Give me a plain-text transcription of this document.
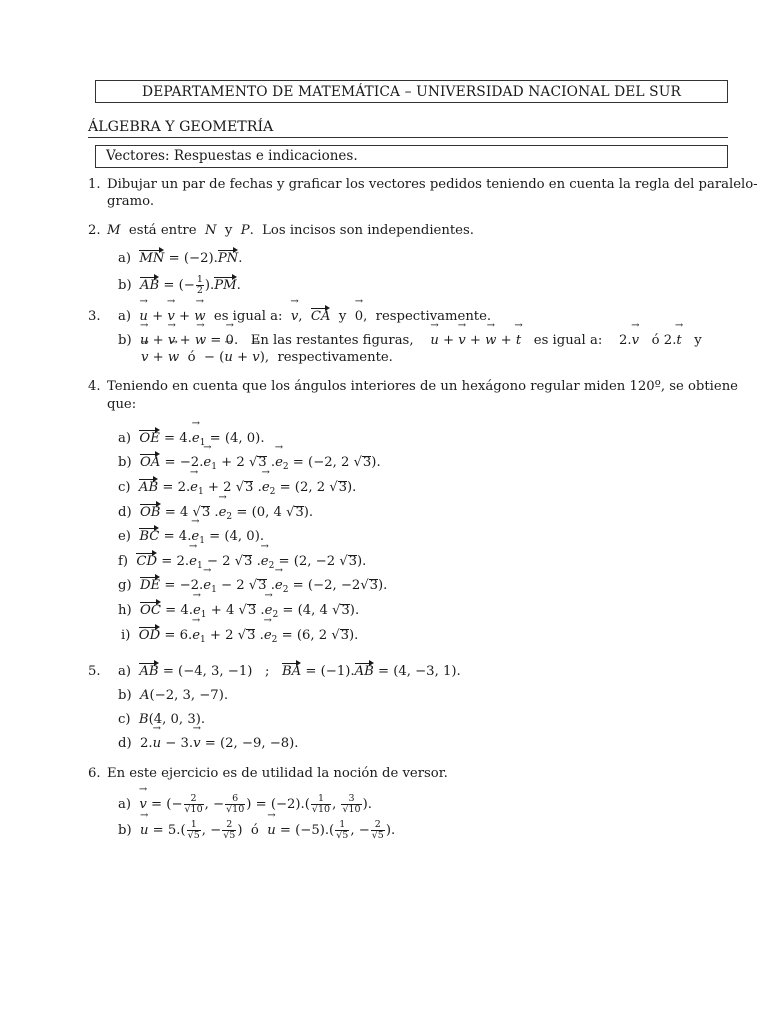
DEPARTAMENTO DE MATEMÁTICA – UNIVERSIDAD NACIONAL DEL SUR
ÁLGEBRA Y GEOMETRÍA
Vectores: Respuestas e indicaciones.
1. Dibujar un par de fechas y graficar los vectores pedidos teniendo en cuenta la regla del paralelo-
gramo.
2. M está entre N y P.  Los incisos son independientes.
a) MN = (−2).PN.
b) AB = (− $\frac{1}{2} ).PM$.
3. a) → u + → v + → w es igual a: → v,  CA y → 0,  respectivamente.
b) → u + → v + → w = → 0.   En las restantes figuras, → u + → v + → w + → t es igual a:    2.→ v ó 2.→ t y
→ v + → w ó  − (→ u + → v),  respectivamente.
4. Teniendo en cuenta que los ángulos interiores de un hexágono regular miden 120º, se obtiene
que:
a) OE = $4.\to e_1 = (4$, 0).
b) OA = $-2.\to e_1 + 2$ √3 .→ $e_2 = (-2$, 2 √3).
c) AB = $2.\to e_1 + 2$ √3 .→ $e_2 = (2$, 2 √3).
d) OB = 4 √3 .→ $e_2 = (0$, 4 √3).
e) BC = $4.\to e_1 = (4$, 0).
f) CD = $2.\to e_1 - 2$ √3 .→ $e_2 = (2$, −2 √3).
g) DE = $-2.\to e_1 - 2$ √3 .→ $e_2 = (-2$, −2√3).
h) OC = $4.\to e_1 + 4$ √3 .→ $e_2 = (4$, 4 √3).
i) OD = $6.\to e_1 + 2$ √3 .→ $e_2 = (6$, 2 √3).
5. a) AB = (−4, 3, −1)   ;   BA = (−1).AB = (4, −3, 1).
b) A(−2, 3, −7).
c) B(4, 0, 3).
d)  2.→ u − 3.→ v = (2, −9, −8).
6. En este ejercicio es de utilidad la noción de versor.
a) → v = (− $\frac{2}{√10}$ , − $\frac{6}{√10}$ ) = $(-2).( \frac{1}{√10}$ , $\frac{3}{√10}$ ).
$b) \to u = 5.( \frac{1}{√5}$ , − $\frac{2}{√5}$ )  ó → $u = (-5).( \frac{1}{√5}$ , − $\frac{2}{√5}$ ).
